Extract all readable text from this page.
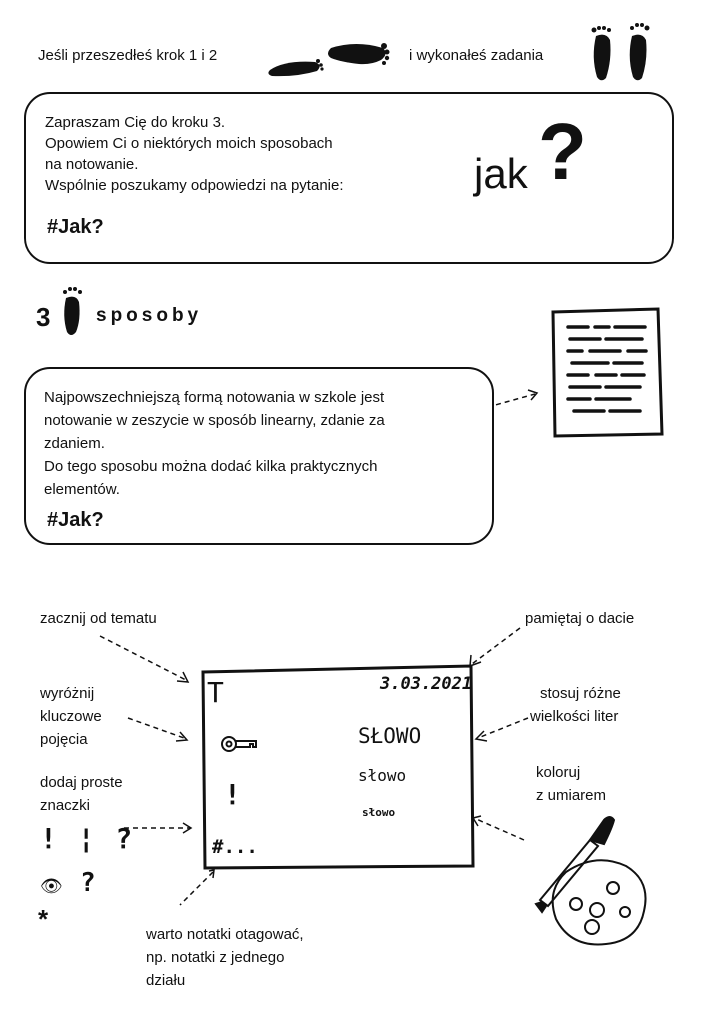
Jeśli przeszedłeś krok 1 i 2	i wykonałeś zadania
Zapraszam Cię do kroku 3.
Opowiem Ci o niektórych moich sposobach
na notowanie.
Wspólnie poszukamy odpowiedzi na pytanie:
#Jak?
jak ?
3 sposoby
Najpowszechniejszą formą notowania w szkole jest
notowanie w zeszycie w sposób linearny, zdanie za
zdaniem.
Do tego sposobu można dodać kilka praktycznych
elementów.
#Jak?
zacznij od tematu	pamiętaj o dacie
wyróżnij
kluczowe
pojęcia
stosuj różne
wielkości liter
dodaj proste
znaczki
koloruj
z umiarem
warto notatki otagować,
np. notatki z jednego
działu
! ¦ ?
👁 ?
*
T	3.03.2021
SŁOWO
słowo
słowo
!
#...
